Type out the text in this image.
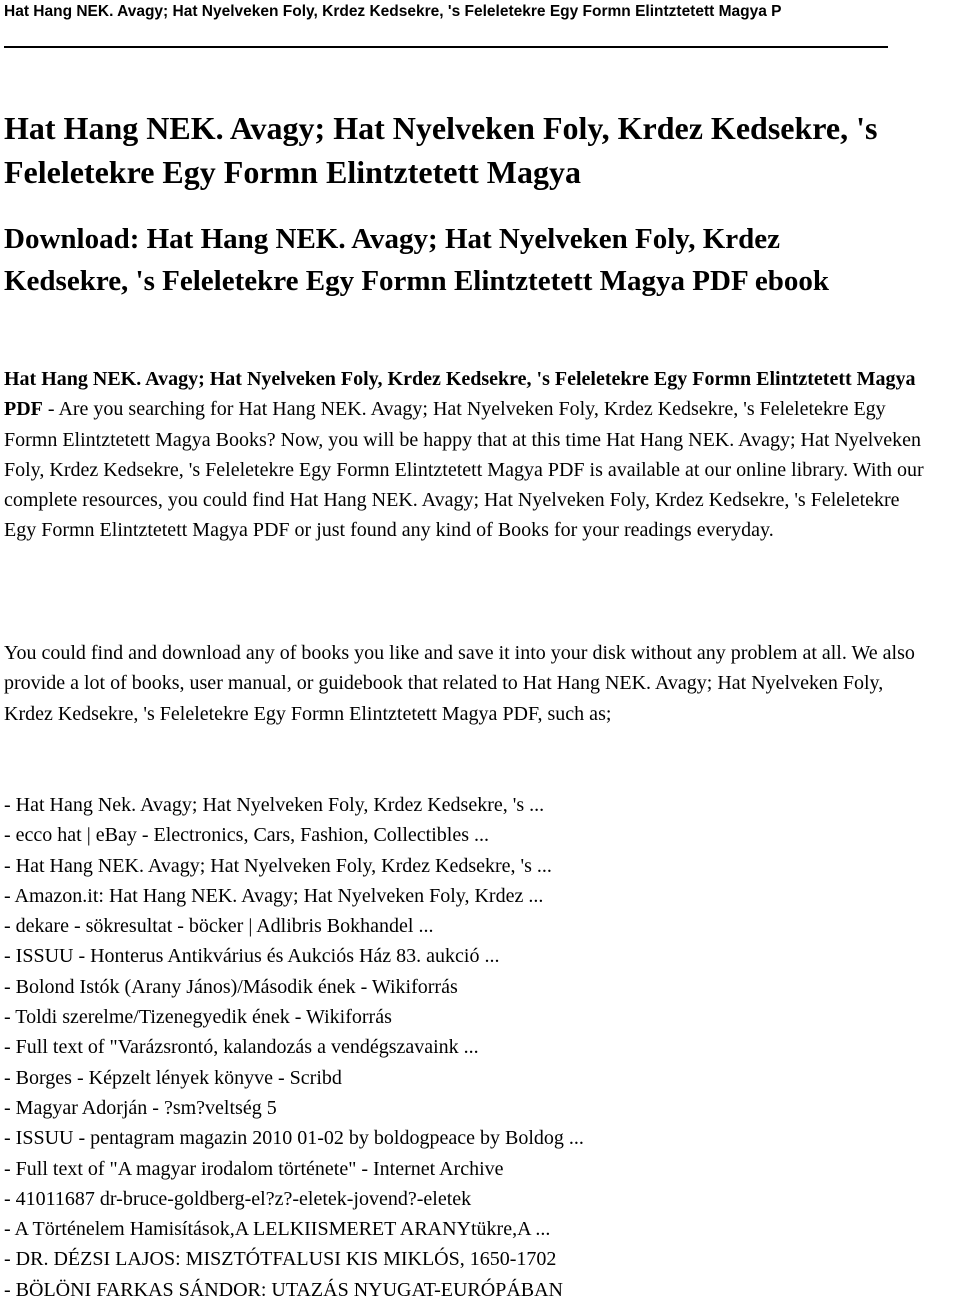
Hat Hang NEK. Avagy; Hat Nyelveken Foly, Krdez Kedsekre, 's Feleletekre Egy Formn Elintztetett Magya P
Hat Hang NEK. Avagy; Hat Nyelveken Foly, Krdez Kedsekre, 's Feleletekre Egy Formn Elintztetett Magya
Download: Hat Hang NEK. Avagy; Hat Nyelveken Foly, Krdez Kedsekre, 's Feleletekre Egy Formn Elintztetett Magya PDF ebook

Hat Hang NEK. Avagy; Hat Nyelveken Foly, Krdez Kedsekre, 's Feleletekre Egy Formn Elintztetett Magya PDF - Are you searching for Hat Hang NEK. Avagy; Hat Nyelveken Foly, Krdez Kedsekre, 's Feleletekre Egy Formn Elintztetett Magya Books? Now, you will be happy that at this time Hat Hang NEK. Avagy; Hat Nyelveken Foly, Krdez Kedsekre, 's Feleletekre Egy Formn Elintztetett Magya PDF is available at our online library. With our complete resources, you could find Hat Hang NEK. Avagy; Hat Nyelveken Foly, Krdez Kedsekre, 's Feleletekre Egy Formn Elintztetett Magya PDF or just found any kind of Books for your readings everyday.

You could find and download any of books you like and save it into your disk without any problem at all. We also provide a lot of books, user manual, or guidebook that related to Hat Hang NEK. Avagy; Hat Nyelveken Foly, Krdez Kedsekre, 's Feleletekre Egy Formn Elintztetett Magya PDF, such as;

- Hat Hang Nek. Avagy; Hat Nyelveken Foly, Krdez Kedsekre, 's ...
- ecco hat | eBay - Electronics, Cars, Fashion, Collectibles ...
- Hat Hang NEK. Avagy; Hat Nyelveken Foly, Krdez Kedsekre, 's ...
- Amazon.it: Hat Hang NEK. Avagy; Hat Nyelveken Foly, Krdez ...
- dekare - sökresultat - böcker | Adlibris Bokhandel ...
- ISSUU - Honterus Antikvárius és Aukciós Ház 83. aukció ...
- Bolond Istók (Arany János)/Második ének - Wikiforrás
- Toldi szerelme/Tizenegyedik ének - Wikiforrás
- Full text of "Varázsrontó, kalandozás a vendégszavaink ...
- Borges - Képzelt lények könyve - Scribd
- Magyar Adorján - ?sm?veltség 5
- ISSUU - pentagram magazin 2010 01-02 by boldogpeace by Boldog ...
- Full text of "A magyar irodalom története" - Internet Archive
- 41011687 dr-bruce-goldberg-el?z?-eletek-jovend?-eletek
- A Történelem Hamisítások,A LELKIISMERET ARANYtükre,A ...
- DR. DÉZSI LAJOS: MISZTÓTFALUSI KIS MIKLÓS, 1650-1702
- BÖLÖNI FARKAS SÁNDOR: UTAZÁS NYUGAT-EURÓPÁBAN
